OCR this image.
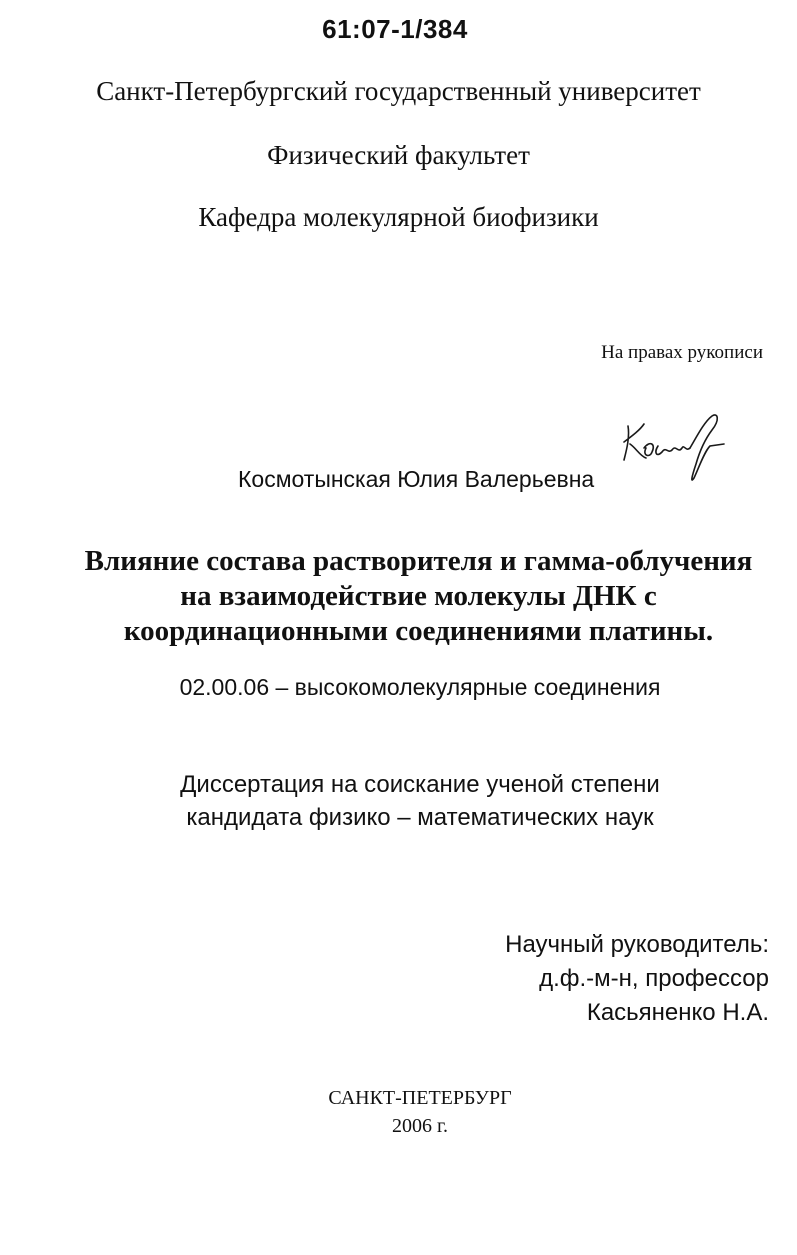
61:07-1/384
Санкт-Петербургский государственный университет
Физический факультет
Кафедра молекулярной биофизики
На правах рукописи
Космотынская Юлия Валерьевна
Влияние состава растворителя и гамма-облучения
на взаимодействие молекулы ДНК с
координационными соединениями платины.
02.00.06 – высокомолекулярные соединения
Диссертация на соискание ученой степени
кандидата физико – математических наук
Научный руководитель:
д.ф.-м-н, профессор
Касьяненко Н.А.
САНКТ-ПЕТЕРБУРГ
2006 г.
